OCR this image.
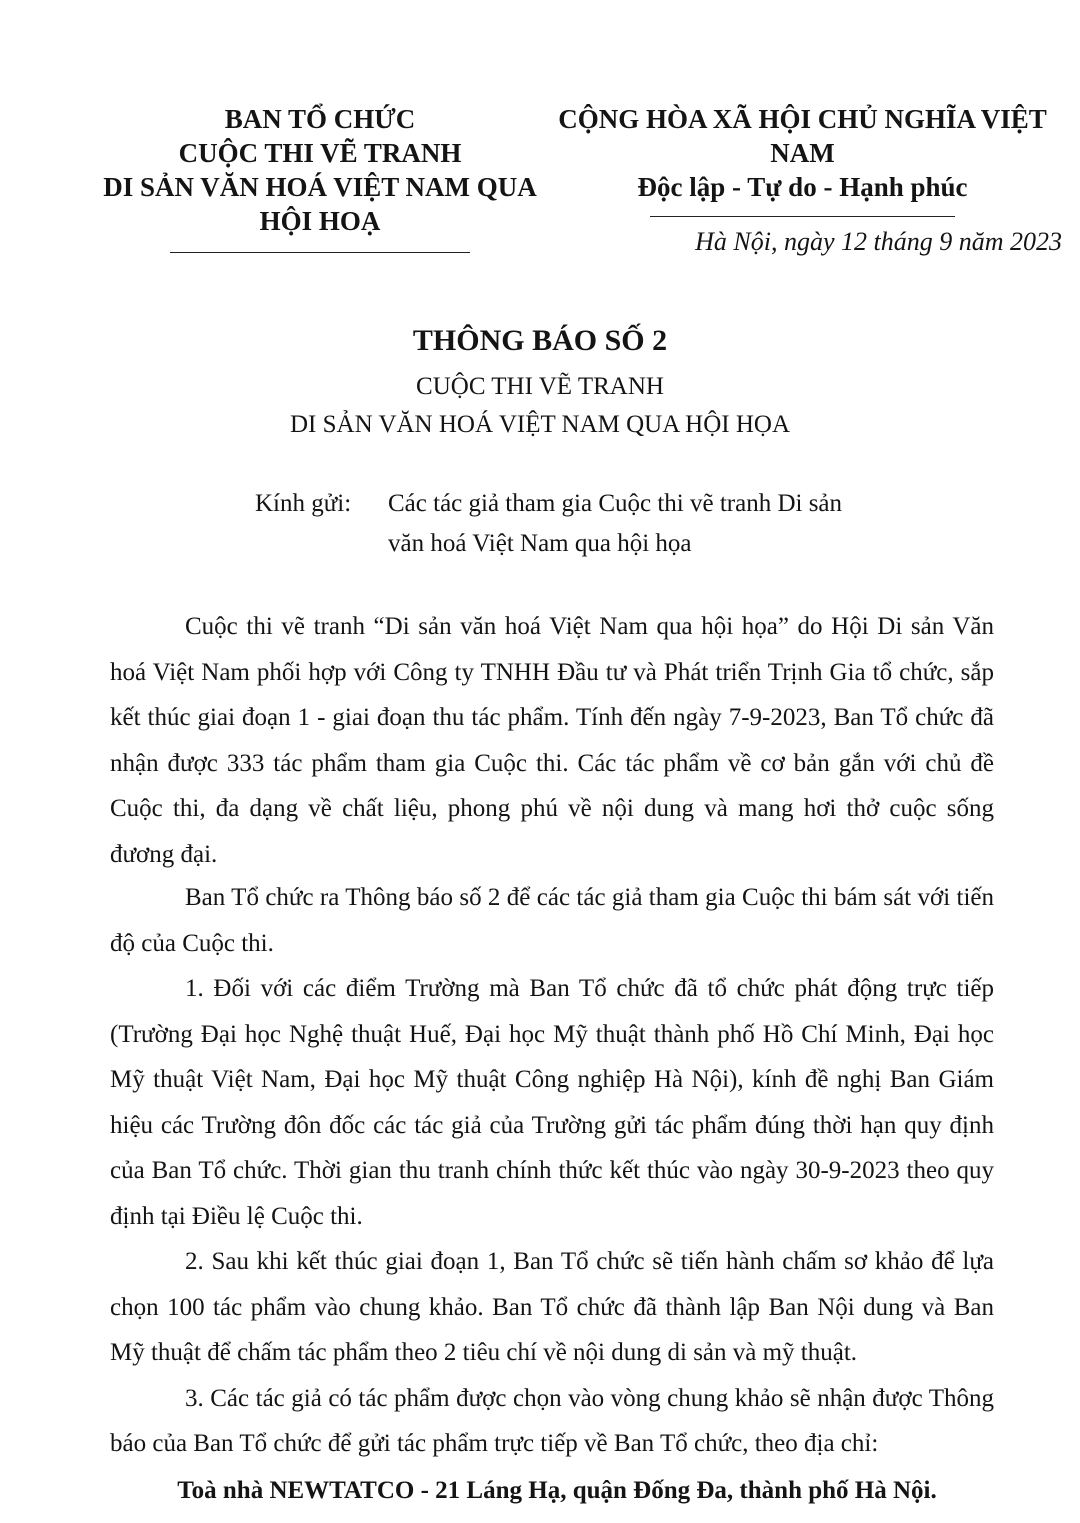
BAN TỔ CHỨC
CUỘC THI VẼ TRANH
DI SẢN VĂN HOÁ VIỆT NAM QUA HỘI HOẠ
CỘNG HÒA XÃ HỘI CHỦ NGHĨA VIỆT NAM
Độc lập - Tự do - Hạnh phúc
Hà Nội, ngày 12 tháng 9 năm 2023
THÔNG BÁO SỐ 2
CUỘC THI VẼ TRANH
DI SẢN VĂN HOÁ VIỆT NAM QUA HỘI HỌA
Kính gửi:	Các tác giả tham gia Cuộc thi vẽ tranh Di sản
văn hoá Việt Nam qua hội họa

Cuộc thi vẽ tranh “Di sản văn hoá Việt Nam qua hội họa” do Hội Di sản Văn hoá Việt Nam phối hợp với Công ty TNHH Đầu tư và Phát triển Trịnh Gia tổ chức, sắp kết thúc giai đoạn 1 - giai đoạn thu tác phẩm. Tính đến ngày 7-9-2023, Ban Tổ chức đã nhận được 333 tác phẩm tham gia Cuộc thi. Các tác phẩm về cơ bản gắn với chủ đề Cuộc thi, đa dạng về chất liệu, phong phú về nội dung và mang hơi thở cuộc sống đương đại.

Ban Tổ chức ra Thông báo số 2 để các tác giả tham gia Cuộc thi bám sát với tiến độ của Cuộc thi.

1. Đối với các điểm Trường mà Ban Tổ chức đã tổ chức phát động trực tiếp (Trường Đại học Nghệ thuật Huế, Đại học Mỹ thuật thành phố Hồ Chí Minh, Đại học Mỹ thuật Việt Nam, Đại học Mỹ thuật Công nghiệp Hà Nội), kính đề nghị Ban Giám hiệu các Trường đôn đốc các tác giả của Trường gửi tác phẩm đúng thời hạn quy định của Ban Tổ chức. Thời gian thu tranh chính thức kết thúc vào ngày 30-9-2023 theo quy định tại Điều lệ Cuộc thi.

2. Sau khi kết thúc giai đoạn 1, Ban Tổ chức sẽ tiến hành chấm sơ khảo để lựa chọn 100 tác phẩm vào chung khảo. Ban Tổ chức đã thành lập Ban Nội dung và Ban Mỹ thuật để chấm tác phẩm theo 2 tiêu chí về nội dung di sản và mỹ thuật.

3. Các tác giả có tác phẩm được chọn vào vòng chung khảo sẽ nhận được Thông báo của Ban Tổ chức để gửi tác phẩm trực tiếp về Ban Tổ chức, theo địa chỉ:

Toà nhà NEWTATCO - 21 Láng Hạ, quận Đống Đa, thành phố Hà Nội.
